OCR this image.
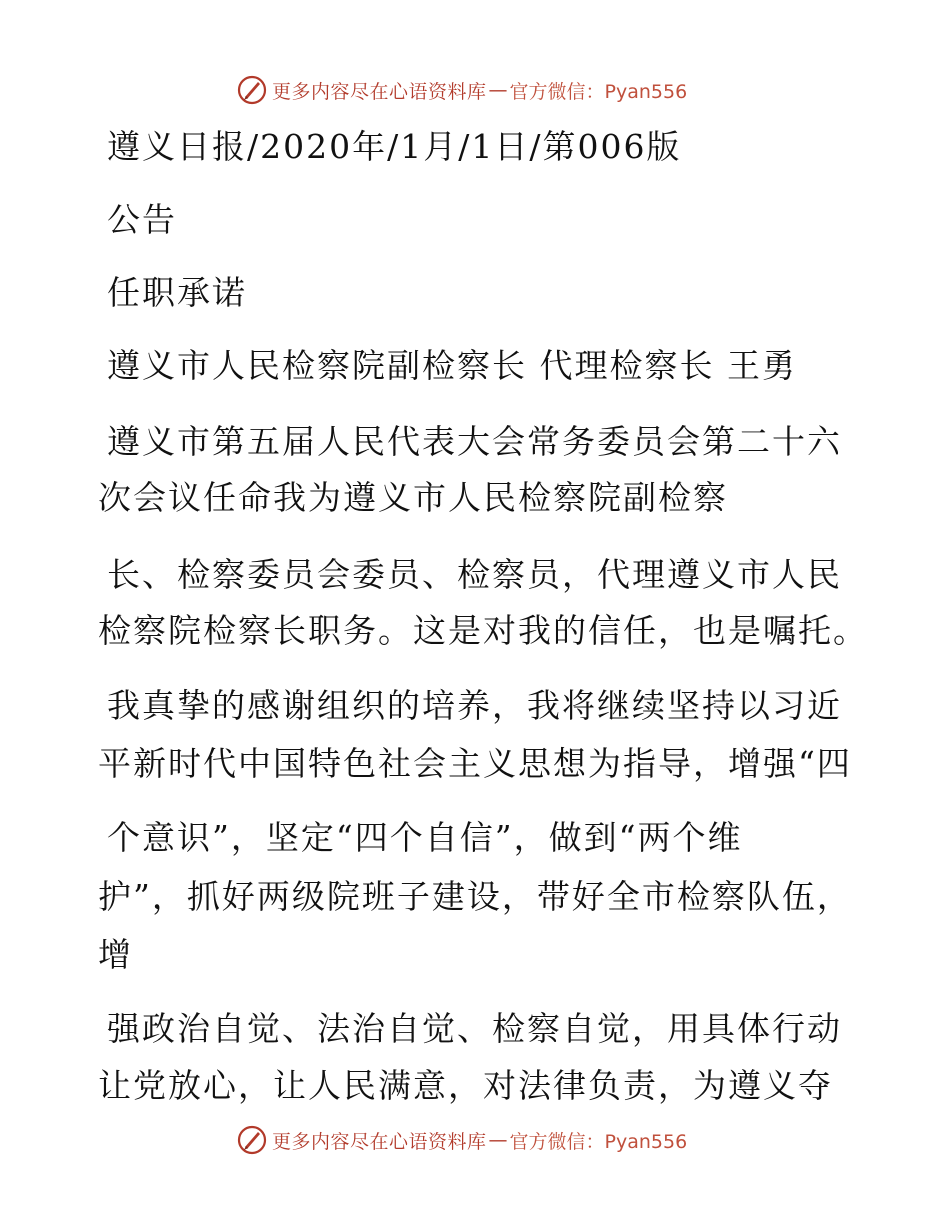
更多内容尽在心语资料库 — 官方微信：Pyan556
遵义日报/2020年/1月/1日/第006版
公告
任职承诺
遵义市人民检察院副检察长 代理检察长 王勇
遵义市第五届人民代表大会常务委员会第二十六
次会议任命我为遵义市人民检察院副检察
长、检察委员会委员、检察员，代理遵义市人民
检察院检察长职务。这是对我的信任，也是嘱托。
我真挚的感谢组织的培养，我将继续坚持以习近
平新时代中国特色社会主义思想为指导，增强“四
个意识”，坚定“四个自信”，做到“两个维
护”，抓好两级院班子建设，带好全市检察队伍，
增
强政治自觉、法治自觉、检察自觉，用具体行动
让党放心，让人民满意，对法律负责，为遵义夺
更多内容尽在心语资料库 — 官方微信：Pyan556
